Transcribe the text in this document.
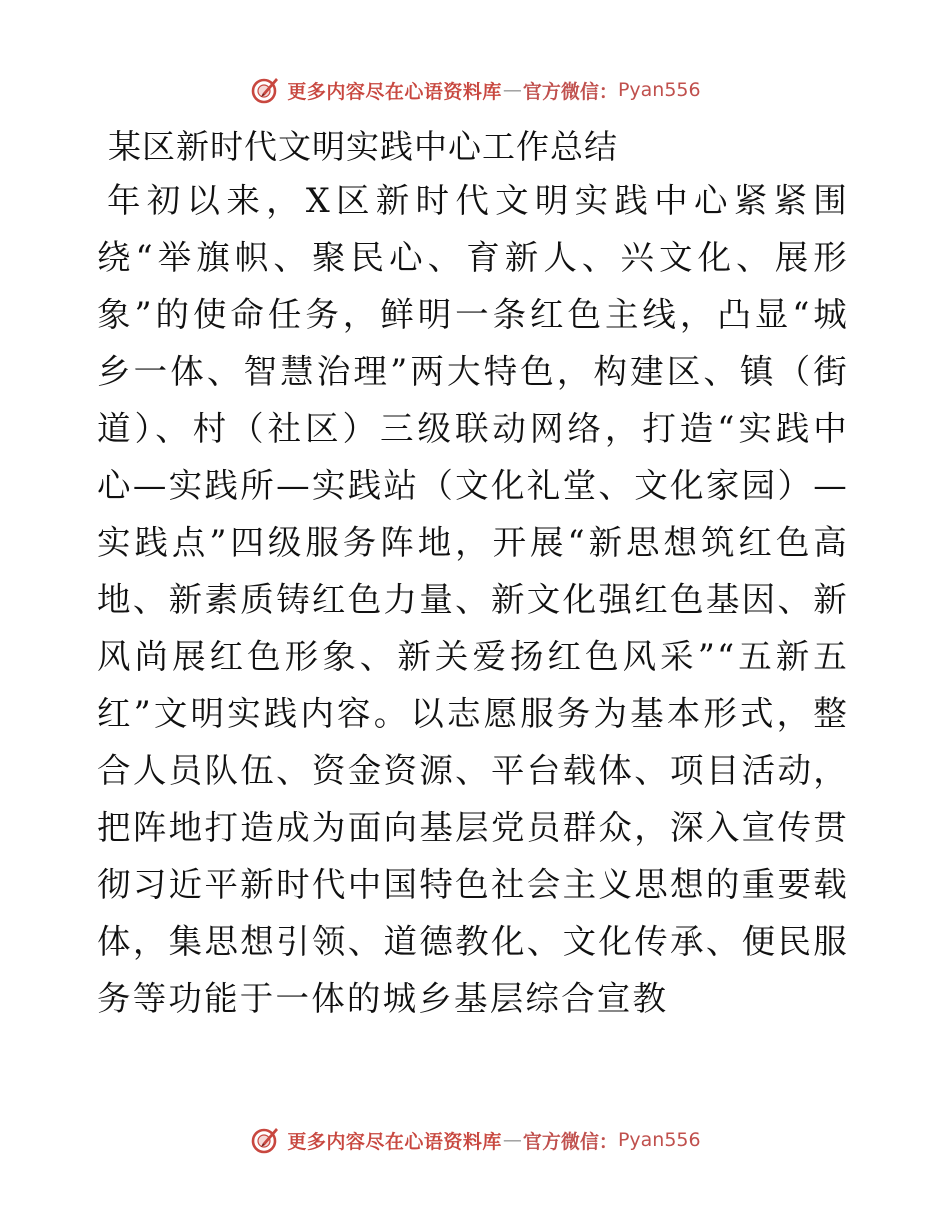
更多内容尽在心语资料库 — 官方微信： Pyan556
某区新时代文明实践中心工作总结

年初以来，X区新时代文明实践中心紧紧围绕“举旗帜、聚民心、育新人、兴文化、展形象”的使命任务，鲜明一条红色主线，凸显“城乡一体、智慧治理”两大特色，构建区、镇（街道）、村（社区）三级联动网络，打造“实践中心—实践所—实践站（文化礼堂、文化家园）—实践点”四级服务阵地，开展“新思想筑红色高地、新素质铸红色力量、新文化强红色基因、新风尚展红色形象、新关爱扬红色风采”“五新五红”文明实践内容。以志愿服务为基本形式，整合人员队伍、资金资源、平台载体、项目活动，把阵地打造成为面向基层党员群众，深入宣传贯彻习近平新时代中国特色社会主义思想的重要载体，集思想引领、道德教化、文化传承、便民服务等功能于一体的城乡基层综合宣教

更多内容尽在心语资料库 — 官方微信： Pyan556
